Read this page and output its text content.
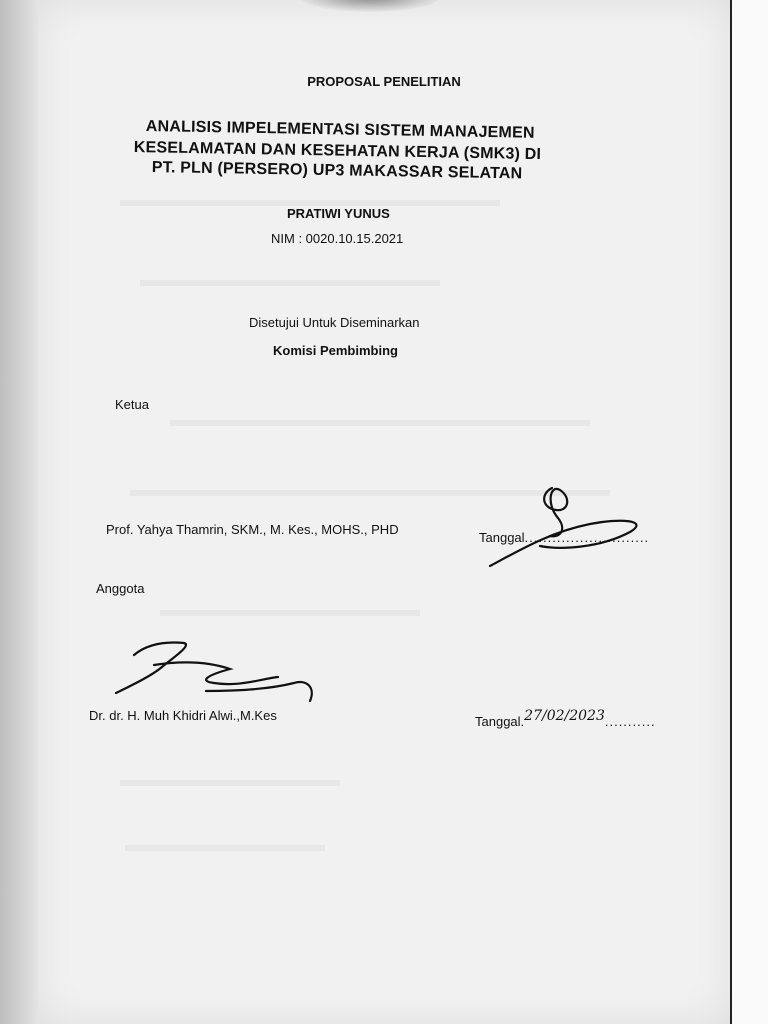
PROPOSAL PENELITIAN
ANALISIS IMPELEMENTASI SISTEM MANAJEMEN
KESELAMATAN DAN KESEHATAN KERJA (SMK3) DI
PT. PLN (PERSERO) UP3 MAKASSAR SELATAN
PRATIWI YUNUS
NIM : 0020.10.15.2021
Disetujui Untuk Diseminarkan
Komisi Pembimbing
Ketua
Prof. Yahya Thamrin, SKM., M. Kes., MOHS., PHD
Tanggal...........................
Anggota
Dr. dr. H. Muh Khidri Alwi.,M.Kes	Tanggal.27/02/2023...........
